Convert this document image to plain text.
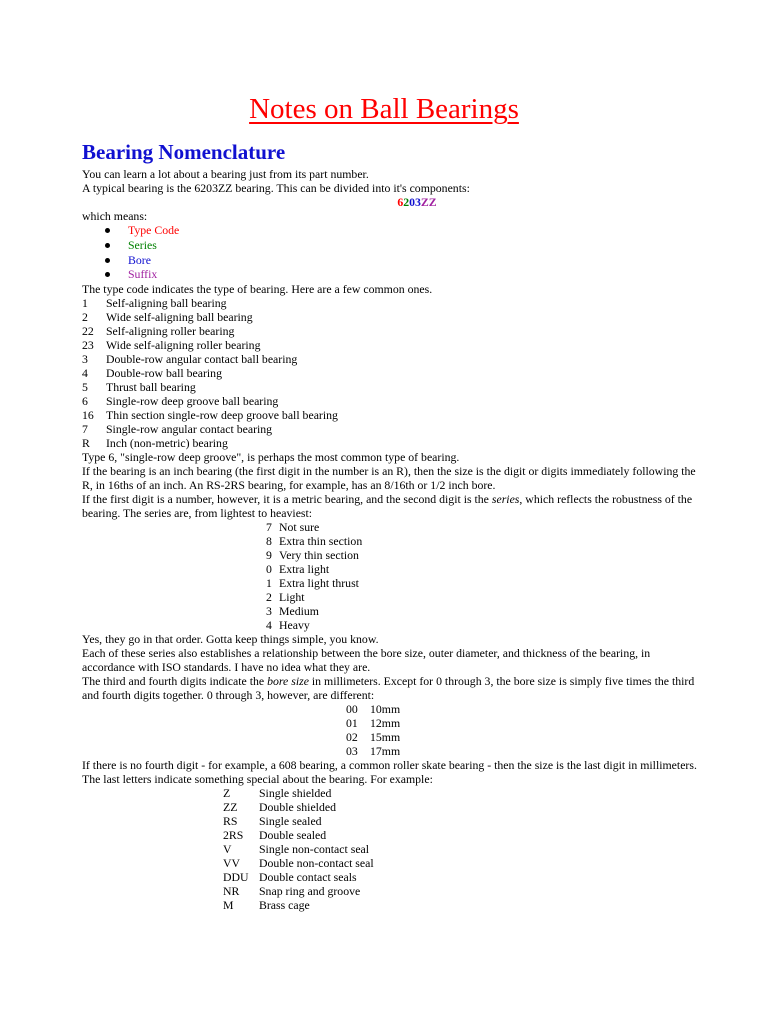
Notes on Ball Bearings
Bearing Nomenclature
You can learn a lot about a bearing just from its part number.
A typical bearing is the 6203ZZ bearing. This can be divided into it's components:
6203ZZ
which means:
Type Code
Series
Bore
Suffix
The type code indicates the type of bearing. Here are a few common ones.
1	Self-aligning ball bearing
2	Wide self-aligning ball bearing
22	Self-aligning roller bearing
23	Wide self-aligning roller bearing
3	Double-row angular contact ball bearing
4	Double-row ball bearing
5	Thrust ball bearing
6	Single-row deep groove ball bearing
16	Thin section single-row deep groove ball bearing
7	Single-row angular contact bearing
R	Inch (non-metric) bearing
Type 6, "single-row deep groove", is perhaps the most common type of bearing.
If the bearing is an inch bearing (the first digit in the number is an R), then the size is the digit or digits immediately following the R, in 16ths of an inch. An RS-2RS bearing, for example, has an 8/16th or 1/2 inch bore.
If the first digit is a number, however, it is a metric bearing, and the second digit is the series, which reflects the robustness of the bearing. The series are, from lightest to heaviest:
7	Not sure
8	Extra thin section
9	Very thin section
0	Extra light
1	Extra light thrust
2	Light
3	Medium
4	Heavy
Yes, they go in that order. Gotta keep things simple, you know.
Each of these series also establishes a relationship between the bore size, outer diameter, and thickness of the bearing, in accordance with ISO standards. I have no idea what they are.
The third and fourth digits indicate the bore size in millimeters. Except for 0 through 3, the bore size is simply five times the third and fourth digits together. 0 through 3, however, are different:
00	10mm
01	12mm
02	15mm
03	17mm
If there is no fourth digit - for example, a 608 bearing, a common roller skate bearing - then the size is the last digit in millimeters.
The last letters indicate something special about the bearing. For example:
Z	Single shielded
ZZ	Double shielded
RS	Single sealed
2RS	Double sealed
V	Single non-contact seal
VV	Double non-contact seal
DDU	Double contact seals
NR	Snap ring and groove
M	Brass cage
